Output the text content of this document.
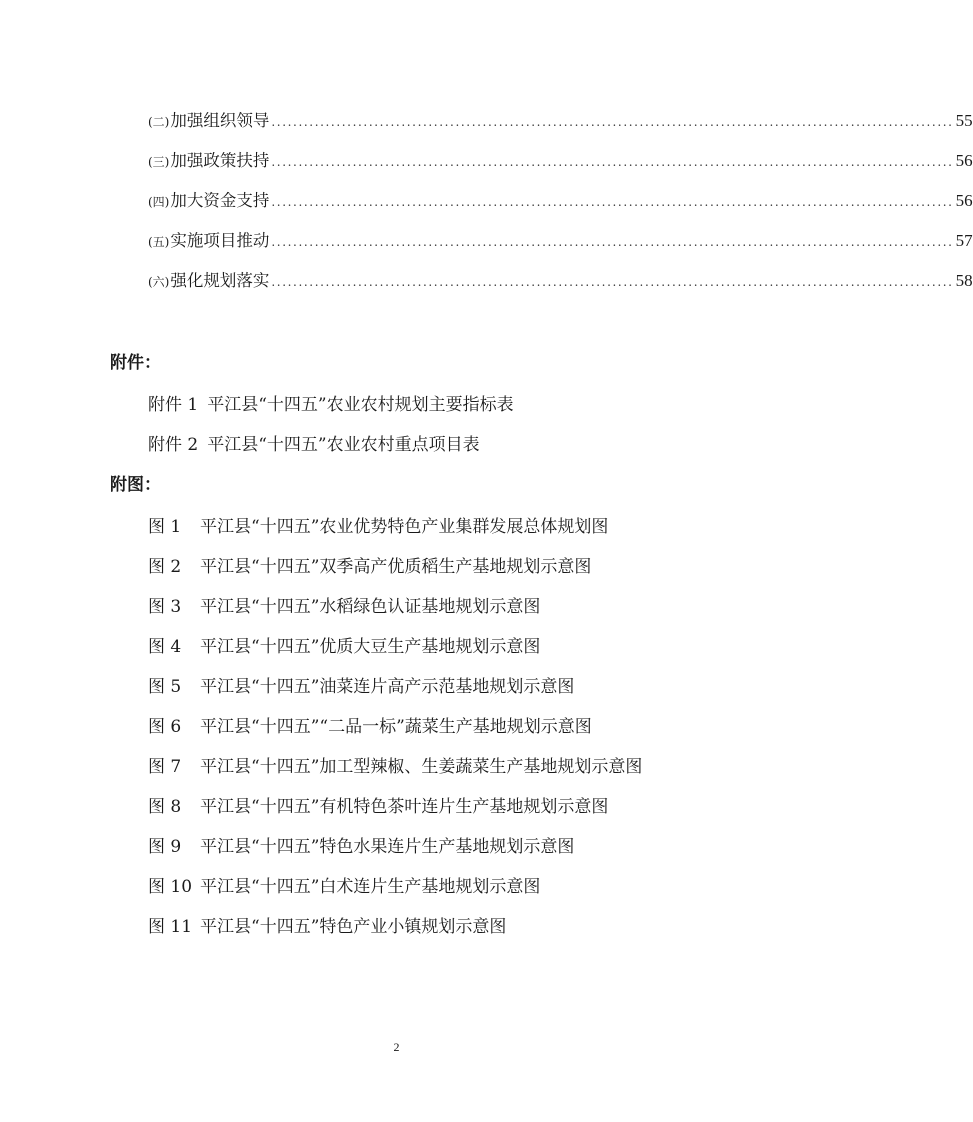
(二) 加强组织领导 .............................................................................................................................. 55
(三) 加强政策扶持 .............................................................................................................................. 56
(四) 加大资金支持 .............................................................................................................................. 56
(五) 实施项目推动 .............................................................................................................................. 57
(六) 强化规划落实 .............................................................................................................................. 58
附件：
附件 1 平江县“十四五”农业农村规划主要指标表
附件 2 平江县“十四五”农业农村重点项目表
附图：
图 1	平江县“十四五”农业优势特色产业集群发展总体规划图
图 2	平江县“十四五”双季高产优质稻生产基地规划示意图
图 3	平江县“十四五”水稻绿色认证基地规划示意图
图 4	平江县“十四五”优质大豆生产基地规划示意图
图 5	平江县“十四五”油菜连片高产示范基地规划示意图
图 6	平江县“十四五”“二品一标”蔬菜生产基地规划示意图
图 7	平江县“十四五”加工型辣椒、生姜蔬菜生产基地规划示意图
图 8	平江县“十四五”有机特色茶叶连片生产基地规划示意图
图 9	平江县“十四五”特色水果连片生产基地规划示意图
图 10 平江县“十四五”白术连片生产基地规划示意图
图 11 平江县“十四五”特色产业小镇规划示意图
2
